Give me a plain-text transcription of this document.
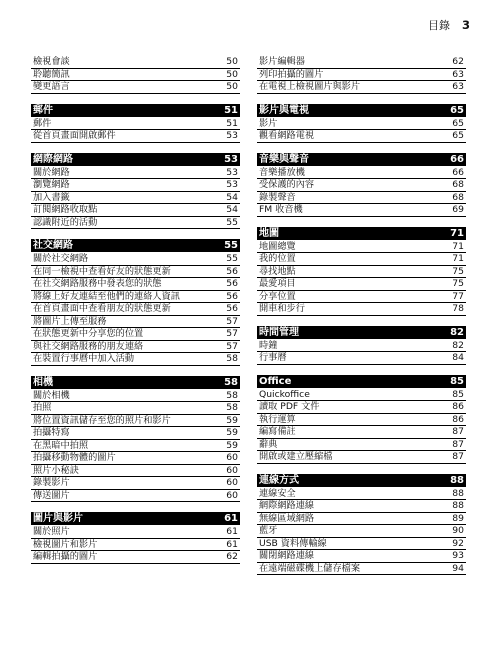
目錄 3
檢視會談	50
聆聽簡訊	50
變更語言	50
郵件	51
郵件	51
從首頁畫面開啟郵件	53
網際網路	53
關於網路	53
瀏覽網路	53
加入書籤	54
訂閱網路收取點	54
認識附近的活動	55
社交網路	55
關於社交網路	55
在同一檢視中查看好友的狀態更新	56
在社交網路服務中發表您的狀態	56
將線上好友連結至他們的連絡人資訊	56
在首頁畫面中查看朋友的狀態更新	56
將圖片上傳至服務	57
在狀態更新中分享您的位置	57
與社交網路服務的朋友連絡	57
在裝置行事曆中加入活動	58
相機	58
關於相機	58
拍照	58
將位置資訊儲存至您的照片和影片	59
拍攝特寫	59
在黑暗中拍照	59
拍攝移動物體的圖片	60
照片小秘訣	60
錄製影片	60
傳送圖片	60
圖片與影片	61
關於照片	61
檢視圖片和影片	61
編輯拍攝的圖片	62
影片編輯器	62
列印拍攝的圖片	63
在電視上檢視圖片與影片	63
影片與電視	65
影片	65
觀看網路電視	65
音樂與聲音	66
音樂播放機	66
受保護的內容	68
錄製聲音	68
FM 收音機	69
地圖	71
地圖總覽	71
我的位置	71
尋找地點	75
最愛項目	75
分享位置	77
開車和步行	78
時間管理	82
時鐘	82
行事曆	84
Office	85
Quickoffice	85
讀取 PDF 文件	86
執行運算	86
編寫備註	87
辭典	87
開啟或建立壓縮檔	87
連線方式	88
連線安全	88
網際網路連線	88
無線區域網路	89
藍牙	90
USB 資料傳輸線	92
關閉網路連線	93
在遠端磁碟機上儲存檔案	94
